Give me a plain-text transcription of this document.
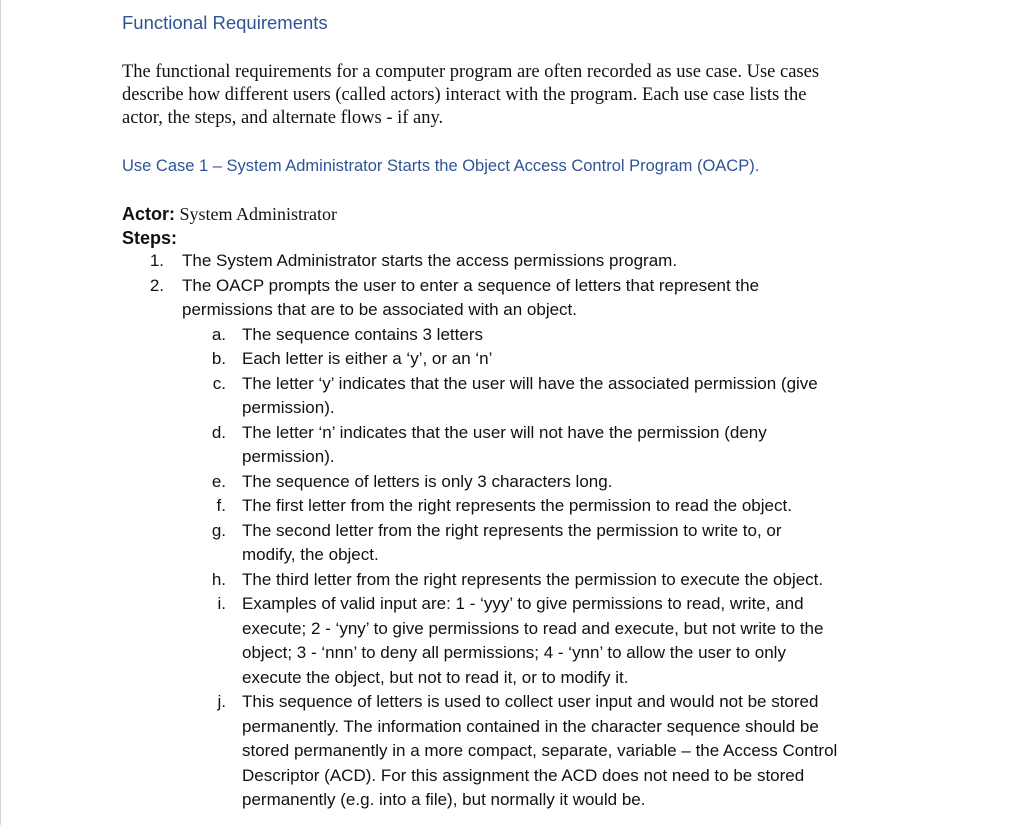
Functional Requirements
The functional requirements for a computer program are often recorded as use case. Use cases
describe how different users (called actors) interact with the program. Each use case lists the
actor, the steps, and alternate flows - if any.
Use Case 1 – System Administrator Starts the Object Access Control Program (OACP).
Actor: System Administrator
Steps:
1. The System Administrator starts the access permissions program.
2. The OACP prompts the user to enter a sequence of letters that represent the
permissions that are to be associated with an object.
a. The sequence contains 3 letters
b. Each letter is either a ‘y’, or an ‘n’
c. The letter ‘y’ indicates that the user will have the associated permission (give
permission).
d. The letter ‘n’ indicates that the user will not have the permission (deny
permission).
e. The sequence of letters is only 3 characters long.
f. The first letter from the right represents the permission to read the object.
g. The second letter from the right represents the permission to write to, or
modify, the object.
h. The third letter from the right represents the permission to execute the object.
i. Examples of valid input are: 1 - ‘yyy’ to give permissions to read, write, and
execute; 2 - ‘yny’ to give permissions to read and execute, but not write to the
object; 3 - ‘nnn’ to deny all permissions; 4 - ‘ynn’ to allow the user to only
execute the object, but not to read it, or to modify it.
j. This sequence of letters is used to collect user input and would not be stored
permanently. The information contained in the character sequence should be
stored permanently in a more compact, separate, variable – the Access Control
Descriptor (ACD). For this assignment the ACD does not need to be stored
permanently (e.g. into a file), but normally it would be.
